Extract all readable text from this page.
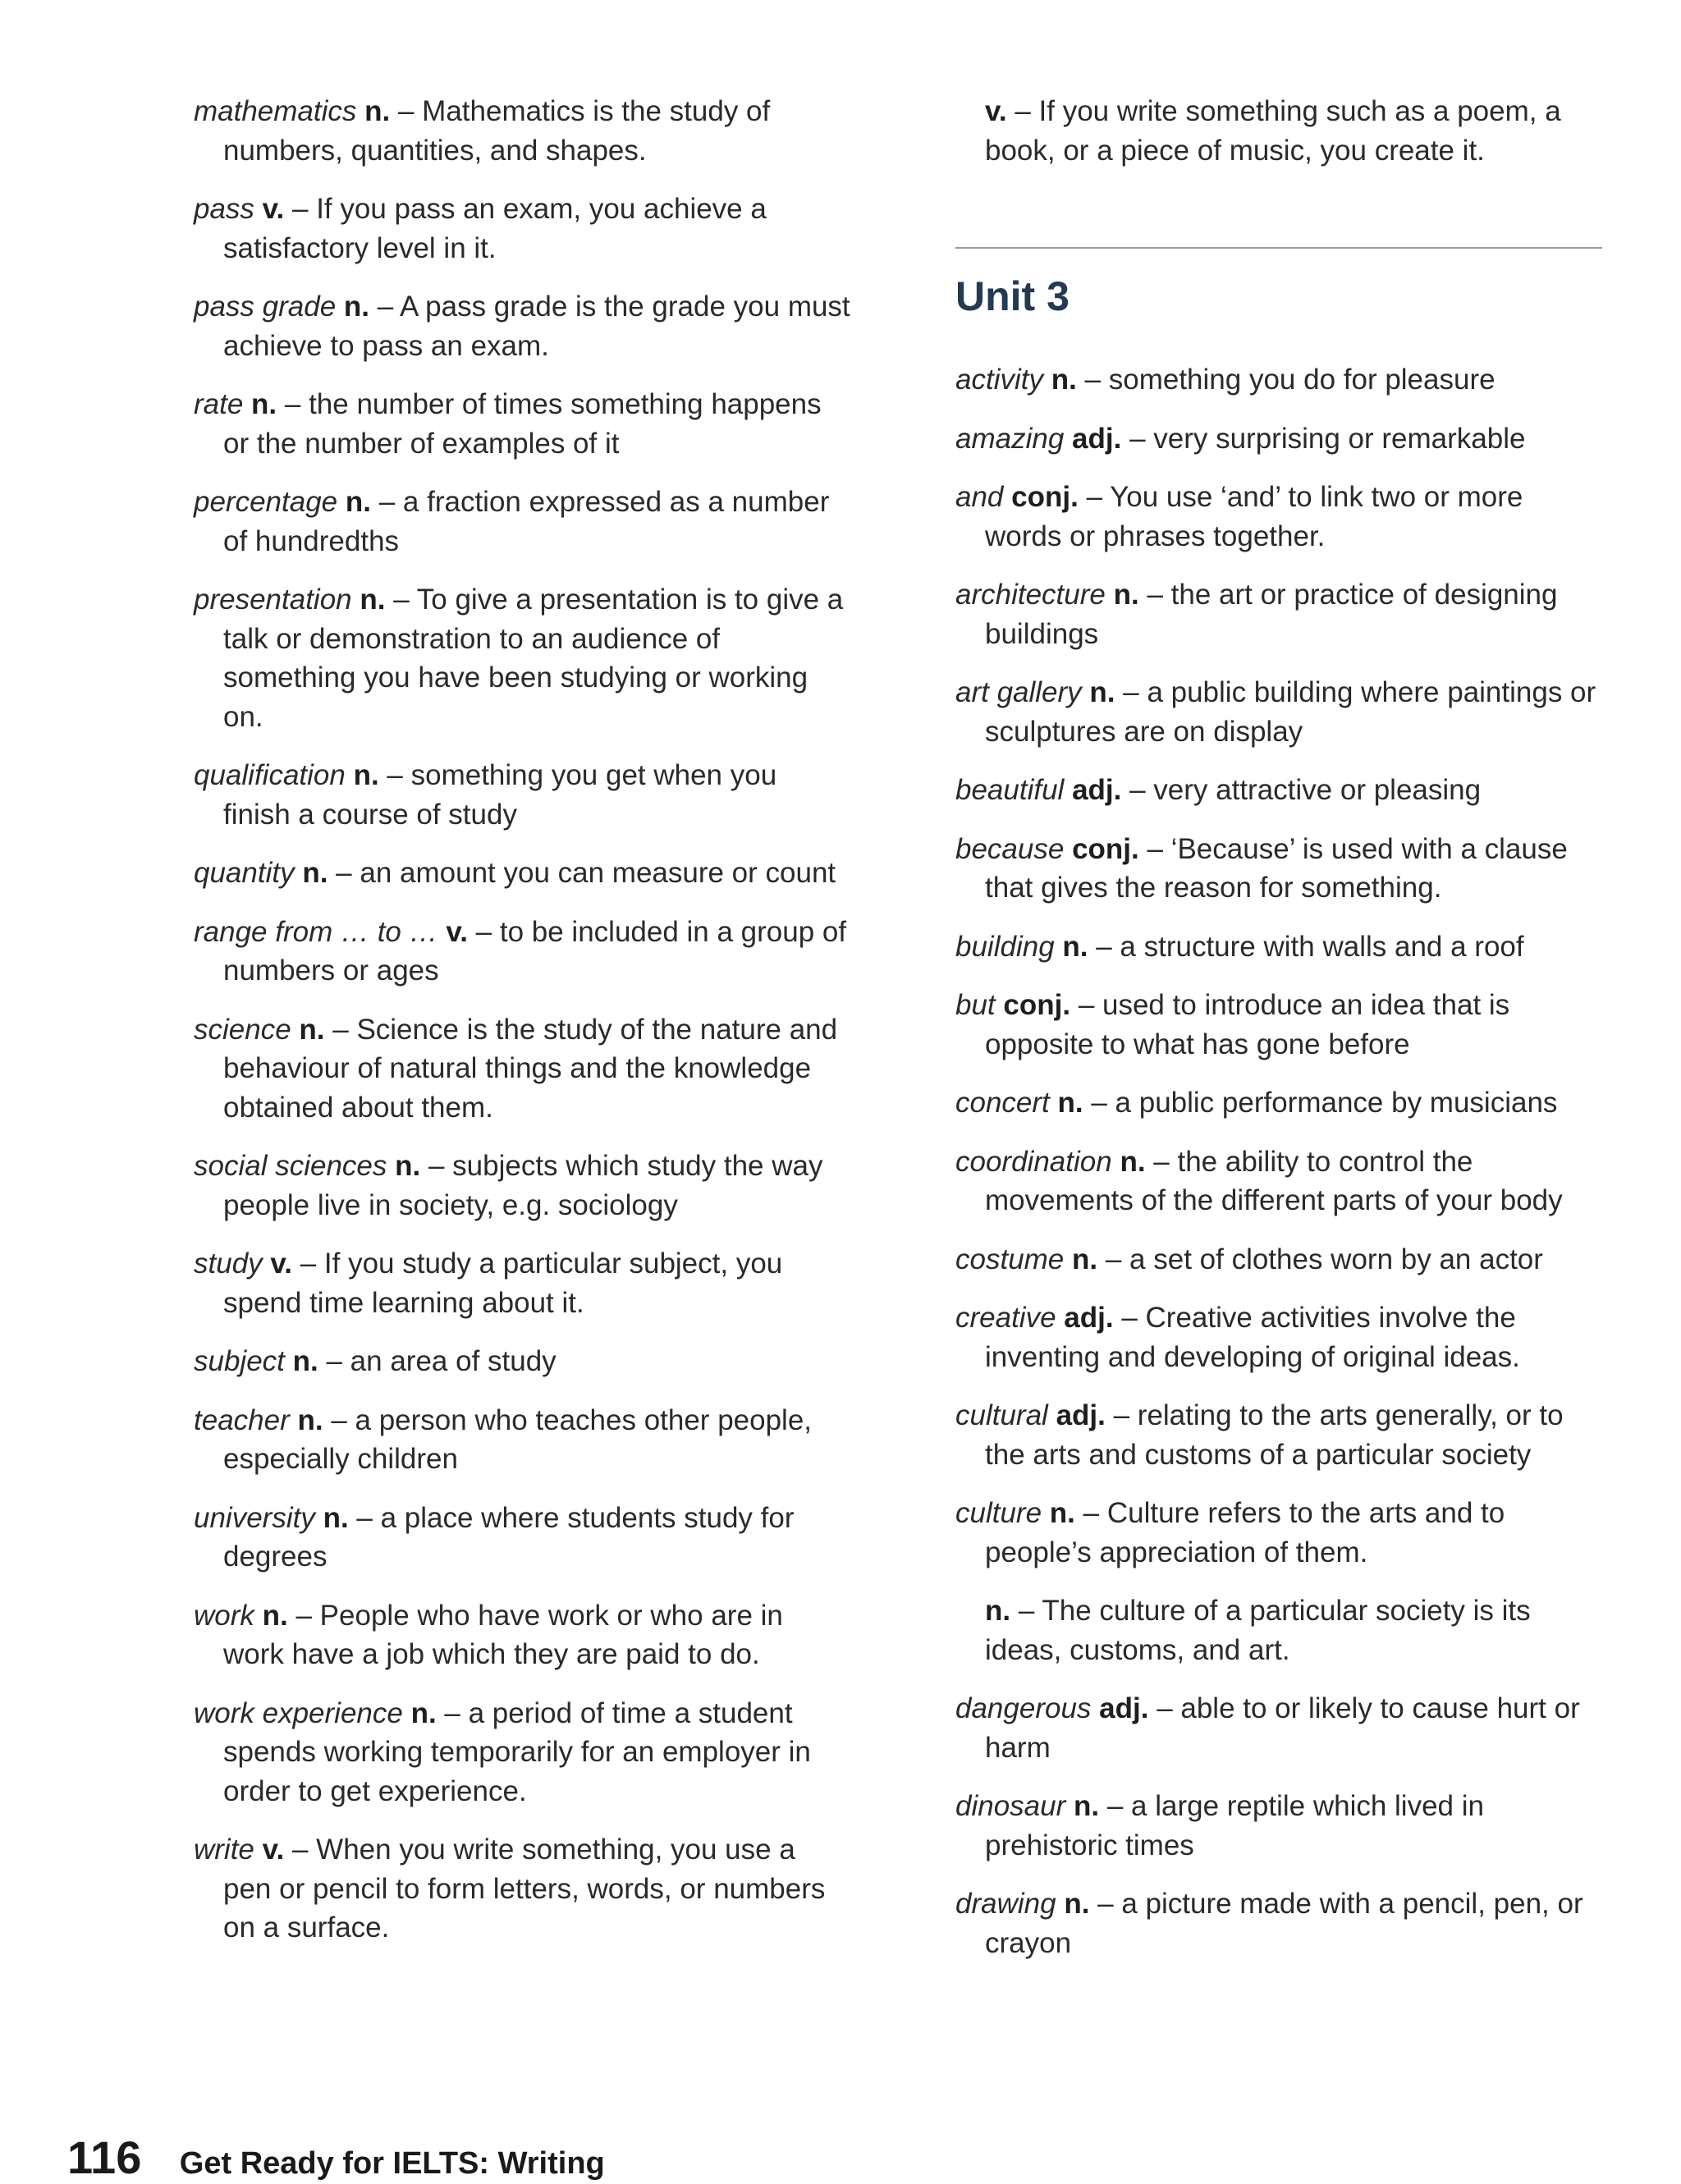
mathematics n. – Mathematics is the study of numbers, quantities, and shapes.

pass v. – If you pass an exam, you achieve a satisfactory level in it.

pass grade n. – A pass grade is the grade you must achieve to pass an exam.

rate n. – the number of times something happens or the number of examples of it

percentage n. – a fraction expressed as a number of hundredths

presentation n. – To give a presentation is to give a talk or demonstration to an audience of something you have been studying or working on.

qualification n. – something you get when you finish a course of study

quantity n. – an amount you can measure or count

range from … to … v. – to be included in a group of numbers or ages

science n. – Science is the study of the nature and behaviour of natural things and the knowledge obtained about them.

social sciences n. – subjects which study the way people live in society, e.g. sociology

study v. – If you study a particular subject, you spend time learning about it.

subject n. – an area of study

teacher n. – a person who teaches other people, especially children

university n. – a place where students study for degrees

work n. – People who have work or who are in work have a job which they are paid to do.

work experience n. – a period of time a student spends working temporarily for an employer in order to get experience.

write v. – When you write something, you use a pen or pencil to form letters, words, or numbers on a surface.

v. – If you write something such as a poem, a book, or a piece of music, you create it.

Unit 3

activity n. – something you do for pleasure

amazing adj. – very surprising or remarkable

and conj. – You use ‘and’ to link two or more words or phrases together.

architecture n. – the art or practice of designing buildings

art gallery n. – a public building where paintings or sculptures are on display

beautiful adj. – very attractive or pleasing

because conj. – ‘Because’ is used with a clause that gives the reason for something.

building n. – a structure with walls and a roof

but conj. – used to introduce an idea that is opposite to what has gone before

concert n. – a public performance by musicians

coordination n. – the ability to control the movements of the different parts of your body

costume n. – a set of clothes worn by an actor

creative adj. – Creative activities involve the inventing and developing of original ideas.

cultural adj. – relating to the arts generally, or to the arts and customs of a particular society

culture n. – Culture refers to the arts and to people’s appreciation of them.

n. – The culture of a particular society is its ideas, customs, and art.

dangerous adj. – able to or likely to cause hurt or harm

dinosaur n. – a large reptile which lived in prehistoric times

drawing n. – a picture made with a pencil, pen, or crayon

116 Get Ready for IELTS: Writing
